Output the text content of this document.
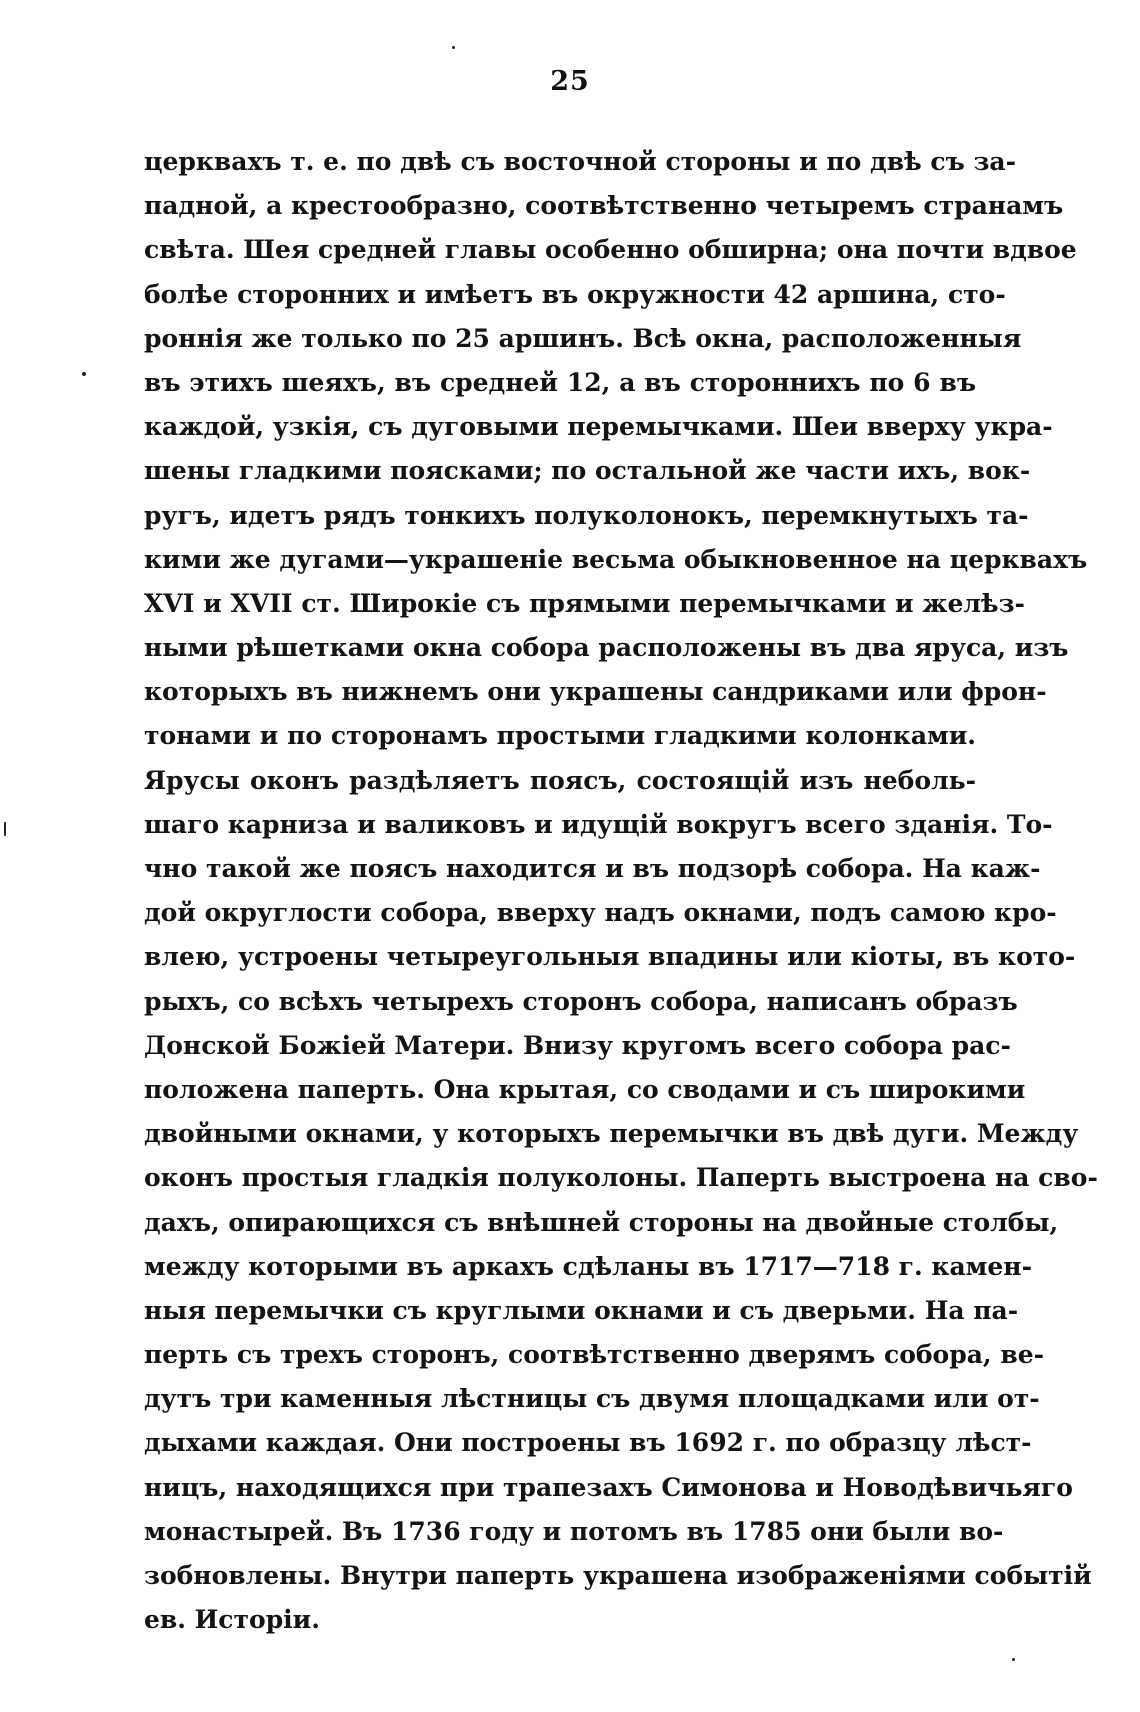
25
церквахъ т. е. по двѣ съ восточной стороны и по двѣ съ за-
падной, а крестообразно, соотвѣтственно четыремъ странамъ
свѣта. Шея средней главы особенно обширна; она почти вдвое
болѣе сторонних и имѣетъ въ окружности 42 аршина, сто-
роннія же только по 25 аршинъ. Всѣ окна, расположенныя
въ этихъ шеяхъ, въ средней 12, а въ стороннихъ по 6 въ
каждой, узкія, съ дуговыми перемычками. Шеи вверху укра-
шены гладкими поясками; по остальной же части ихъ, вок-
ругъ, идетъ рядъ тонкихъ полуколонокъ, перемкнутыхъ та-
кими же дугами—украшеніе весьма обыкновенное на церквахъ
XVI и XVII ст. Широкіе съ прямыми перемычками и желѣз-
ными рѣшетками окна собора расположены въ два яруса, изъ
которыхъ въ нижнемъ они украшены сандриками или фрон-
тонами и по сторонамъ простыми гладкими колонками.
Ярусы оконъ раздѣляетъ поясъ, состоящій изъ неболь-
шаго карниза и валиковъ и идущій вокругъ всего зданія. То-
чно такой же поясъ находится и въ подзорѣ собора. На каж-
дой округлости собора, вверху надъ окнами, подъ самою кро-
влею, устроены четыреугольныя впадины или кіоты, въ кото-
рыхъ, со всѣхъ четырехъ сторонъ собора, написанъ образъ
Донской Божіей Матери. Внизу кругомъ всего собора рас-
положена паперть. Она крытая, со сводами и съ широкими
двойными окнами, у которыхъ перемычки въ двѣ дуги. Между
оконъ простыя гладкія полуколоны. Паперть выстроена на сво-
дахъ, опирающихся съ внѣшней стороны на двойные столбы,
между которыми въ аркахъ сдѣланы въ 1717—718 г. камен-
ныя перемычки съ круглыми окнами и съ дверьми. На па-
перть съ трехъ сторонъ, соотвѣтственно дверямъ собора, ве-
дутъ три каменныя лѣстницы съ двумя площадками или от-
дыхами каждая. Они построены въ 1692 г. по образцу лѣст-
ницъ, находящихся при трапезахъ Симонова и Новодѣвичьяго
монастырей. Въ 1736 году и потомъ въ 1785 они были во-
зобновлены. Внутри паперть украшена изображеніями событій
ев. Исторіи.
